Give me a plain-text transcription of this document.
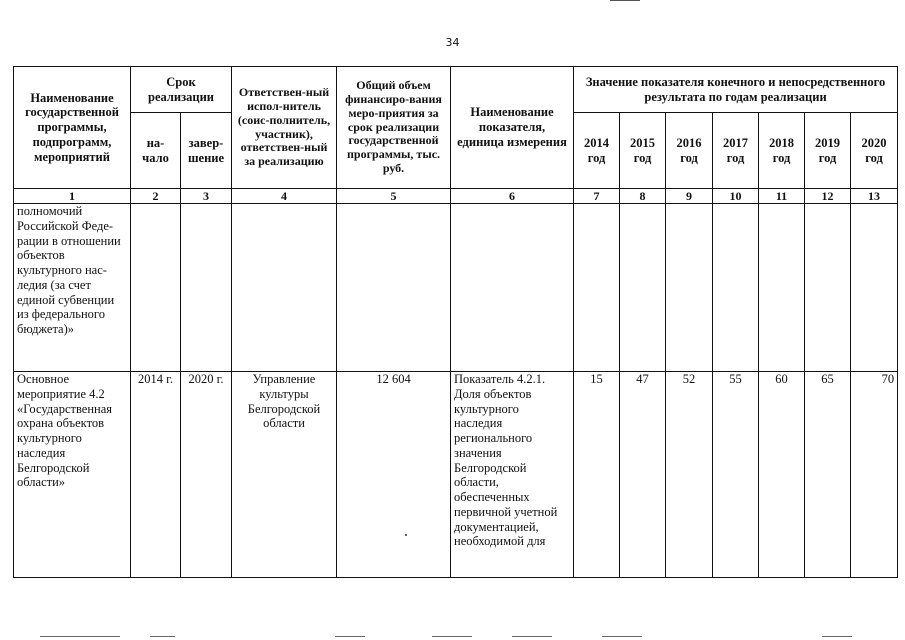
34
Наименование государственной программы, подпрограмм, мероприятий	Срок реализации		Ответствен-ный испол-нитель (соис-полнитель, участник), ответствен-ный за реализацию	Общий объем финансиро-вания меро-приятия за срок реализации государственной программы, тыс. руб.	Наименование показателя, единица измерения	Значение показателя конечного и непосредственного результата по годам реализации						
	на-чало	завер-шение				2014 год	2015 год	2016 год	2017 год	2018 год	2019 год	2020 год
1	2	3	4	5	6	7	8	9	10	11	12	13
полномочий Российской Феде-рации в отношении объектов культурного нас-ледия (за счет единой субвенции из федерального бюджета)»												
Основное мероприятие 4.2 «Государственная охрана объектов культурного наследия Белгородской области»	2014 г.	2020 г.	Управление культуры Белгородской области	12 604	Показатель 4.2.1. Доля объектов культурного наследия регионального значения Белгородской области, обеспеченных первичной учетной документацией, необходимой для	15	47	52	55	60	65	70
